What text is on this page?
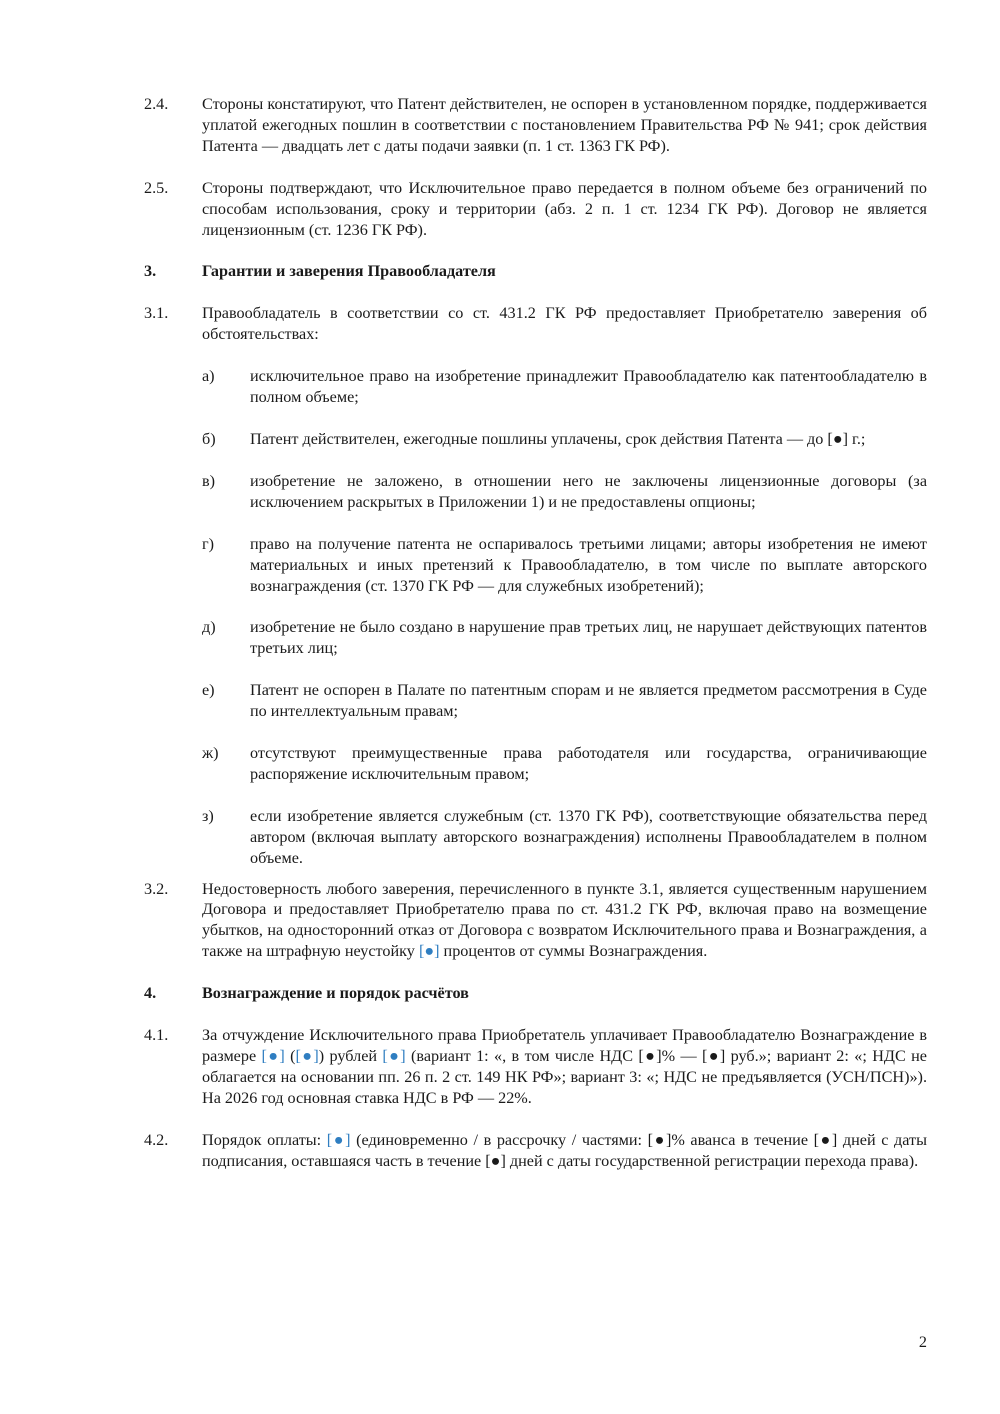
2.4.	Стороны констатируют, что Патент действителен, не оспорен в установленном порядке, поддерживается уплатой ежегодных пошлин в соответствии с постановлением Правительства РФ № 941; срок действия Патента — двадцать лет с даты подачи заявки (п. 1 ст. 1363 ГК РФ).
2.5.	Стороны подтверждают, что Исключительное право передается в полном объеме без ограничений по способам использования, сроку и территории (абз. 2 п. 1 ст. 1234 ГК РФ). Договор не является лицензионным (ст. 1236 ГК РФ).
3.	Гарантии и заверения Правообладателя
3.1.	Правообладатель в соответствии со ст. 431.2 ГК РФ предоставляет Приобретателю заверения об обстоятельствах:
а)	исключительное право на изобретение принадлежит Правообладателю как патентообладателю в полном объеме;
б)	Патент действителен, ежегодные пошлины уплачены, срок действия Патента — до [●] г.;
в)	изобретение не заложено, в отношении него не заключены лицензионные договоры (за исключением раскрытых в Приложении 1) и не предоставлены опционы;
г)	право на получение патента не оспаривалось третьими лицами; авторы изобретения не имеют материальных и иных претензий к Правообладателю, в том числе по выплате авторского вознаграждения (ст. 1370 ГК РФ — для служебных изобретений);
д)	изобретение не было создано в нарушение прав третьих лиц, не нарушает действующих патентов третьих лиц;
е)	Патент не оспорен в Палате по патентным спорам и не является предметом рассмотрения в Суде по интеллектуальным правам;
ж)	отсутствуют преимущественные права работодателя или государства, ограничивающие распоряжение исключительным правом;
з)	если изобретение является служебным (ст. 1370 ГК РФ), соответствующие обязательства перед автором (включая выплату авторского вознаграждения) исполнены Правообладателем в полном объеме.
3.2.	Недостоверность любого заверения, перечисленного в пункте 3.1, является существенным нарушением Договора и предоставляет Приобретателю права по ст. 431.2 ГК РФ, включая право на возмещение убытков, на односторонний отказ от Договора с возвратом Исключительного права и Вознаграждения, а также на штрафную неустойку [●] процентов от суммы Вознаграждения.
4.	Вознаграждение и порядок расчётов
4.1.	За отчуждение Исключительного права Приобретатель уплачивает Правообладателю Вознаграждение в размере [●] ([●]) рублей [●] (вариант 1: «, в том числе НДС [●]% — [●] руб.»; вариант 2: «; НДС не облагается на основании пп. 26 п. 2 ст. 149 НК РФ»; вариант 3: «; НДС не предъявляется (УСН/ПСН)»). На 2026 год основная ставка НДС в РФ — 22%.
4.2.	Порядок оплаты: [●] (единовременно / в рассрочку / частями: [●]% аванса в течение [●] дней с даты подписания, оставшаяся часть в течение [●] дней с даты государственной регистрации перехода права).
2
